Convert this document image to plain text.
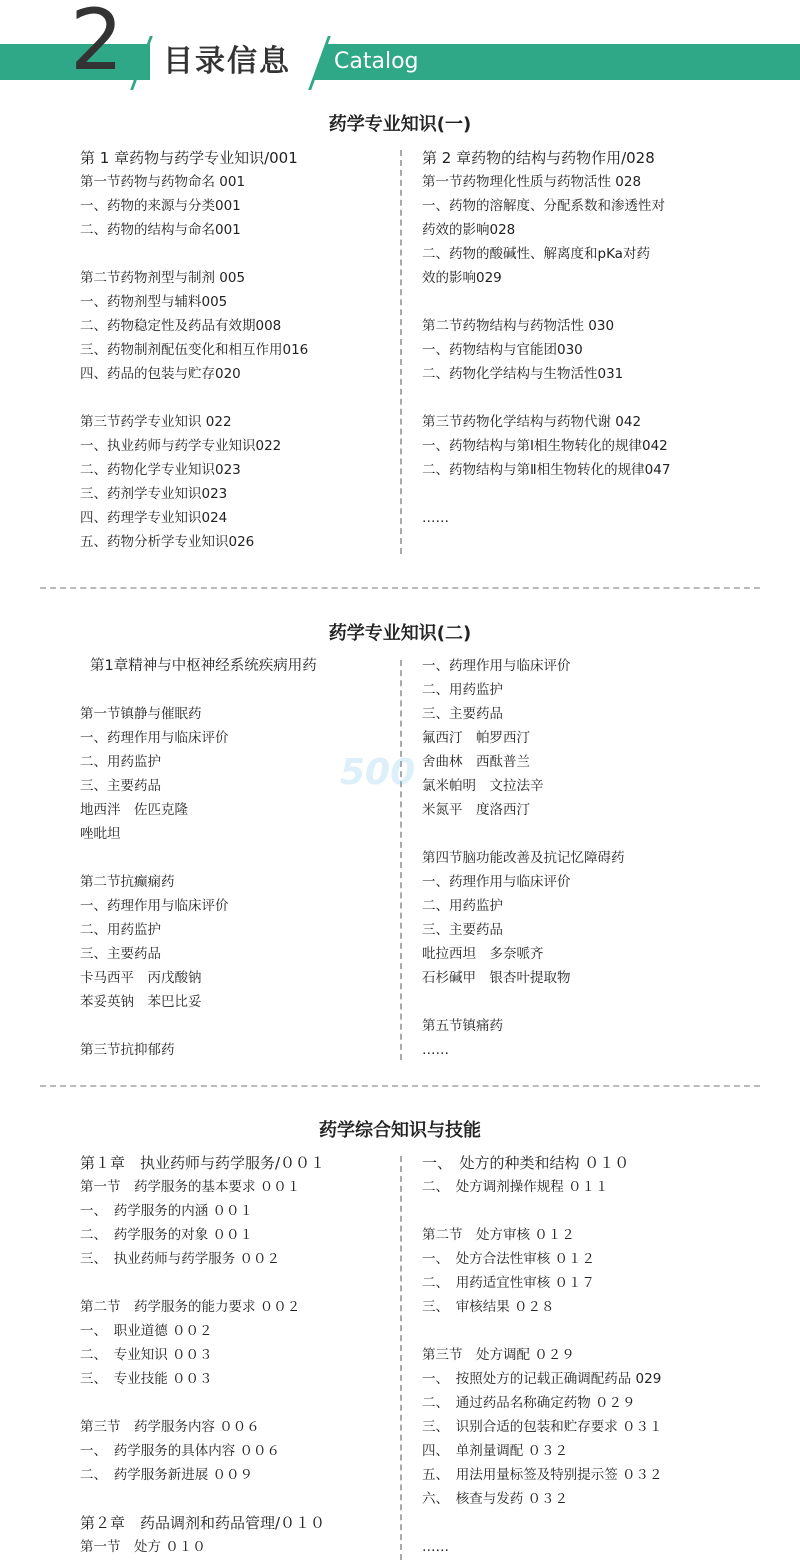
2 目录信息 Catalog
药学专业知识(一)
第 1 章药物与药学专业知识/001
第一节药物与药物命名 001
一、药物的来源与分类001
二、药物的结构与命名001
第二节药物剂型与制剂 005
一、药物剂型与辅料005
二、药物稳定性及药品有效期008
三、药物制剂配伍变化和相互作用016
四、药品的包装与贮存020
第三节药学专业知识 022
一、执业药师与药学专业知识022
二、药物化学专业知识023
三、药剂学专业知识023
四、药理学专业知识024
五、药物分析学专业知识026
第 2 章药物的结构与药物作用/028
第一节药物理化性质与药物活性 028
一、药物的溶解度、分配系数和渗透性对
药效的影响028
二、药物的酸碱性、解离度和pKa对药
效的影响029
第二节药物结构与药物活性 030
一、药物结构与官能团030
二、药物化学结构与生物活性031
第三节药物化学结构与药物代谢 042
一、药物结构与第Ⅰ相生物转化的规律042
二、药物结构与第Ⅱ相生物转化的规律047
……
药学专业知识(二)
第1章精神与中枢神经系统疾病用药
第一节镇静与催眠药
一、药理作用与临床评价
二、用药监护
三、主要药品
地西泮　佐匹克隆
唑吡坦
第二节抗癫痫药
一、药理作用与临床评价
二、用药监护
三、主要药品
卡马西平　丙戊酸钠
苯妥英钠　苯巴比妥
第三节抗抑郁药
一、药理作用与临床评价
二、用药监护
三、主要药品
氟西汀　帕罗西汀
舍曲林　西酞普兰
氯米帕明　文拉法辛
米氮平　度洛西汀
第四节脑功能改善及抗记忆障碍药
一、药理作用与临床评价
二、用药监护
三、主要药品
吡拉西坦　多奈哌齐
石杉碱甲　银杏叶提取物
第五节镇痛药
……
500
药学综合知识与技能
第１章　执业药师与药学服务/００１
第一节　药学服务的基本要求 ００１
一、　药学服务的内涵 ００１
二、　药学服务的对象 ００１
三、　执业药师与药学服务 ００２
第二节　药学服务的能力要求 ００２
一、　职业道德 ００２
二、　专业知识 ００３
三、　专业技能 ００３
第三节　药学服务内容 ００６
一、　药学服务的具体内容 ００６
二、　药学服务新进展 ００９
第２章　药品调剂和药品管理/０１０
第一节　处方 ０１０
一、　处方的种类和结构 ０１０
二、　处方调剂操作规程 ０１１
第二节　处方审核 ０１２
一、　处方合法性审核 ０１２
二、　用药适宜性审核 ０１７
三、　审核结果 ０２８
第三节　处方调配 ０２９
一、　按照处方的记载正确调配药品 029
二、　通过药品名称确定药物 ０２９
三、　识别合适的包装和贮存要求 ０３１
四、　单剂量调配 ０３２
五、　用法用量标签及特别提示签 ０３２
六、　核查与发药 ０３２
……
